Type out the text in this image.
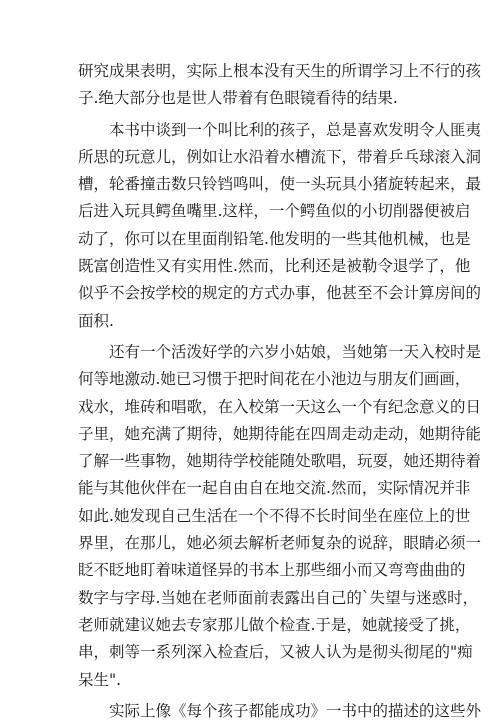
研究成果表明，实际上根本没有天生的所谓学习上不行的孩
子.绝大部分也是世人带着有色眼镜看待的结果.
本书中谈到一个叫比利的孩子，总是喜欢发明令人匪夷
所思的玩意儿，例如让水沿着水槽流下，带着乒乓球滚入洞
槽，轮番撞击数只铃铛鸣叫，使一头玩具小猪旋转起来，最
后进入玩具鳄鱼嘴里.这样，一个鳄鱼似的小切削器便被启
动了，你可以在里面削铅笔.他发明的一些其他机械，也是
既富创造性又有实用性.然而，比利还是被勒令退学了，他
似乎不会按学校的规定的方式办事，他甚至不会计算房间的
面积.
还有一个活泼好学的六岁小姑娘，当她第一天入校时是
何等地激动.她已习惯于把时间花在小池边与朋友们画画，
戏水，堆砖和唱歌，在入校第一天这么一个有纪念意义的日
子里，她充满了期待，她期待能在四周走动走动，她期待能
了解一些事物，她期待学校能随处歌唱，玩耍，她还期待着
能与其他伙伴在一起自由自在地交流.然而，实际情况并非
如此.她发现自己生活在一个不得不长时间坐在座位上的世
界里，在那儿，她必须去解析老师复杂的说辞，眼睛必须一
眨不眨地盯着味道怪异的书本上那些细小而又弯弯曲曲的
数字与字母.当她在老师面前表露出自己的`失望与迷惑时，
老师就建议她去专家那儿做个检查.于是，她就接受了挑，
串，刺等一系列深入检查后，又被人认为是彻头彻尾的"痴
呆生".
实际上像《每个孩子都能成功》一书中的描述的这些外
